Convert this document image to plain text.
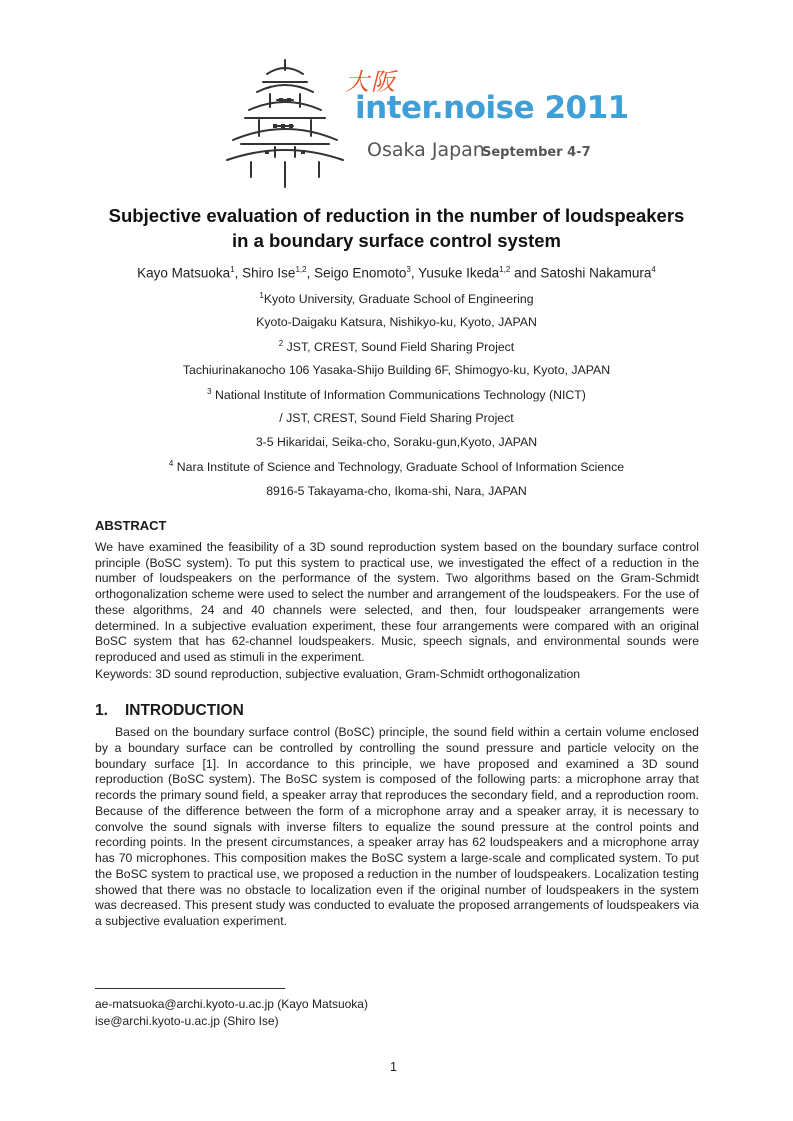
大阪
inter.noise 2011
Osaka Japan
September 4-7
Subjective evaluation of reduction in the number of loudspeakers
in a boundary surface control system
Kayo Matsuoka$^1$, Shiro Ise$^{1,2}$, Seigo Enomoto$^3$, Yusuke Ikeda$^{1,2}$ and Satoshi Nakamura$^4$
$^1$Kyoto University, Graduate School of Engineering
Kyoto-Daigaku Katsura, Nishikyo-ku, Kyoto, JAPAN
$^2$ JST, CREST, Sound Field Sharing Project
Tachiurinakanocho 106 Yasaka-Shijo Building 6F, Shimogyo-ku, Kyoto, JAPAN
$^3$ National Institute of Information Communications Technology (NICT)
/ JST, CREST, Sound Field Sharing Project
3-5 Hikaridai, Seika-cho, Soraku-gun,Kyoto, JAPAN
$^4$ Nara Institute of Science and Technology, Graduate School of Information Science
8916-5 Takayama-cho, Ikoma-shi, Nara, JAPAN
ABSTRACT
We have examined the feasibility of a 3D sound reproduction system based on the boundary surface control principle (BoSC system). To put this system to practical use, we investigated the effect of a reduction in the number of loudspeakers on the performance of the system. Two algorithms based on the Gram-Schmidt orthogonalization scheme were used to select the number and arrangement of the loudspeakers. For the use of these algorithms, 24 and 40 channels were selected, and then, four loudspeaker arrangements were determined. In a subjective evaluation experiment, these four arrangements were compared with an original BoSC system that has 62-channel loudspeakers. Music, speech signals, and environmental sounds were reproduced and used as stimuli in the experiment.
Keywords: 3D sound reproduction, subjective evaluation, Gram-Schmidt orthogonalization
1. INTRODUCTION
Based on the boundary surface control (BoSC) principle, the sound field within a certain volume enclosed by a boundary surface can be controlled by controlling the sound pressure and particle velocity on the boundary surface [1]. In accordance to this principle, we have proposed and examined a 3D sound reproduction (BoSC system). The BoSC system is composed of the following parts: a microphone array that records the primary sound field, a speaker array that reproduces the secondary field, and a reproduction room. Because of the difference between the form of a microphone array and a speaker array, it is necessary to convolve the sound signals with inverse filters to equalize the sound pressure at the control points and recording points. In the present circumstances, a speaker array has 62 loudspeakers and a microphone array has 70 microphones. This composition makes the BoSC system a large-scale and complicated system. To put the BoSC system to practical use, we proposed a reduction in the number of loudspeakers. Localization testing showed that there was no obstacle to localization even if the original number of loudspeakers in the system was decreased. This present study was conducted to evaluate the proposed arrangements of loudspeakers via a subjective evaluation experiment.
ae-matsuoka@archi.kyoto-u.ac.jp (Kayo Matsuoka)
ise@archi.kyoto-u.ac.jp (Shiro Ise)
1
